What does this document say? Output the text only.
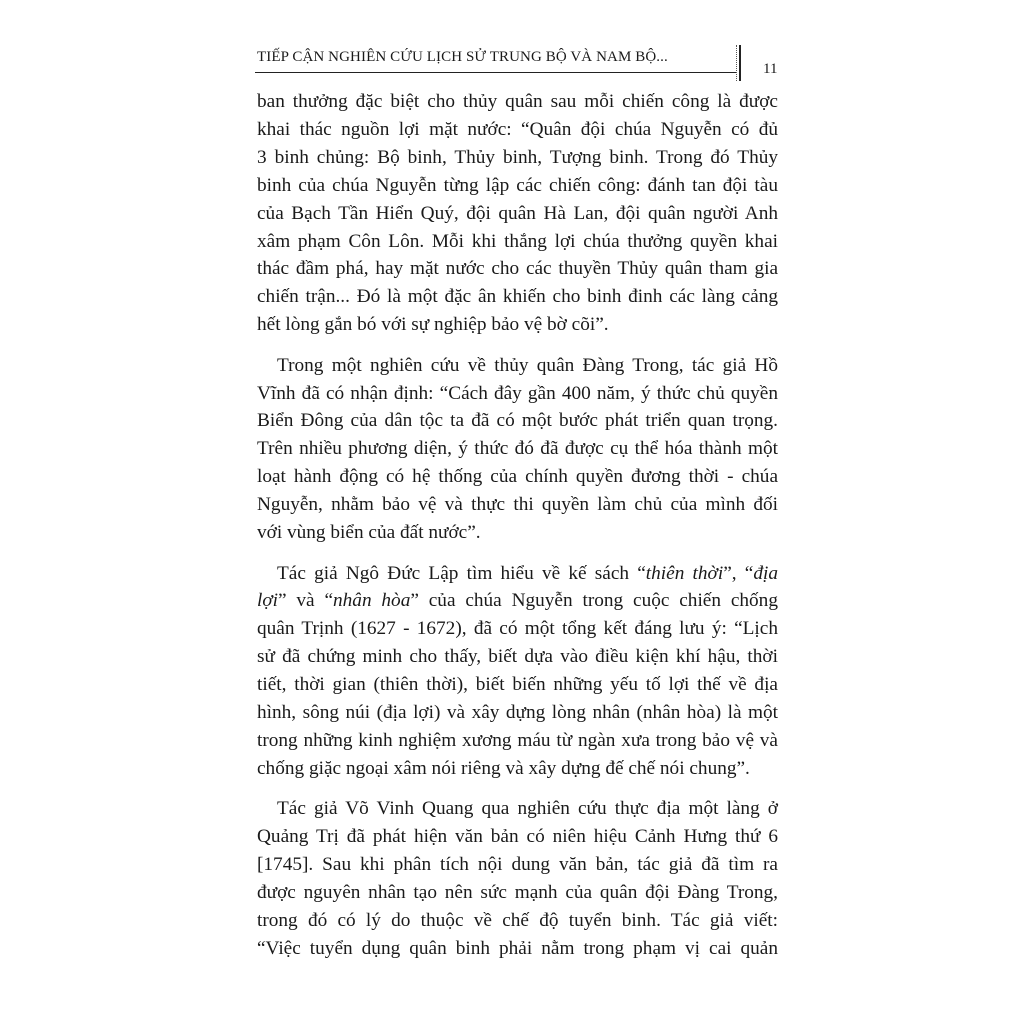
TIẾP CẬN NGHIÊN CỨU LỊCH SỬ TRUNG BỘ VÀ NAM BỘ...
11
ban thưởng đặc biệt cho thủy quân sau mỗi chiến công là được
khai thác nguồn lợi mặt nước: “Quân đội chúa Nguyễn có đủ
3 binh chủng: Bộ binh, Thủy binh, Tượng binh. Trong đó Thủy
binh của chúa Nguyễn từng lập các chiến công: đánh tan đội tàu
của Bạch Tần Hiển Quý, đội quân Hà Lan, đội quân người Anh
xâm phạm Côn Lôn. Mỗi khi thắng lợi chúa thưởng quyền khai
thác đầm phá, hay mặt nước cho các thuyền Thủy quân tham gia
chiến trận... Đó là một đặc ân khiến cho binh đinh các làng cảng
hết lòng gắn bó với sự nghiệp bảo vệ bờ cõi”.
Trong một nghiên cứu về thủy quân Đàng Trong, tác giả Hồ
Vĩnh đã có nhận định: “Cách đây gần 400 năm, ý thức chủ quyền
Biển Đông của dân tộc ta đã có một bước phát triển quan trọng.
Trên nhiều phương diện, ý thức đó đã được cụ thể hóa thành một
loạt hành động có hệ thống của chính quyền đương thời - chúa
Nguyễn, nhằm bảo vệ và thực thi quyền làm chủ của mình đối
với vùng biển của đất nước”.
Tác giả Ngô Đức Lập tìm hiểu về kế sách “thiên thời”, “địa
lợi” và “nhân hòa” của chúa Nguyễn trong cuộc chiến chống
quân Trịnh (1627 - 1672), đã có một tổng kết đáng lưu ý: “Lịch
sử đã chứng minh cho thấy, biết dựa vào điều kiện khí hậu, thời
tiết, thời gian (thiên thời), biết biến những yếu tố lợi thế về địa
hình, sông núi (địa lợi) và xây dựng lòng nhân (nhân hòa) là một
trong những kinh nghiệm xương máu từ ngàn xưa trong bảo vệ và
chống giặc ngoại xâm nói riêng và xây dựng đế chế nói chung”.
Tác giả Võ Vinh Quang qua nghiên cứu thực địa một làng ở
Quảng Trị đã phát hiện văn bản có niên hiệu Cảnh Hưng thứ 6
[1745]. Sau khi phân tích nội dung văn bản, tác giả đã tìm ra
được nguyên nhân tạo nên sức mạnh của quân đội Đàng Trong,
trong đó có lý do thuộc về chế độ tuyển binh. Tác giả viết:
“Việc tuyển dụng quân binh phải nằm trong phạm vị cai quản
